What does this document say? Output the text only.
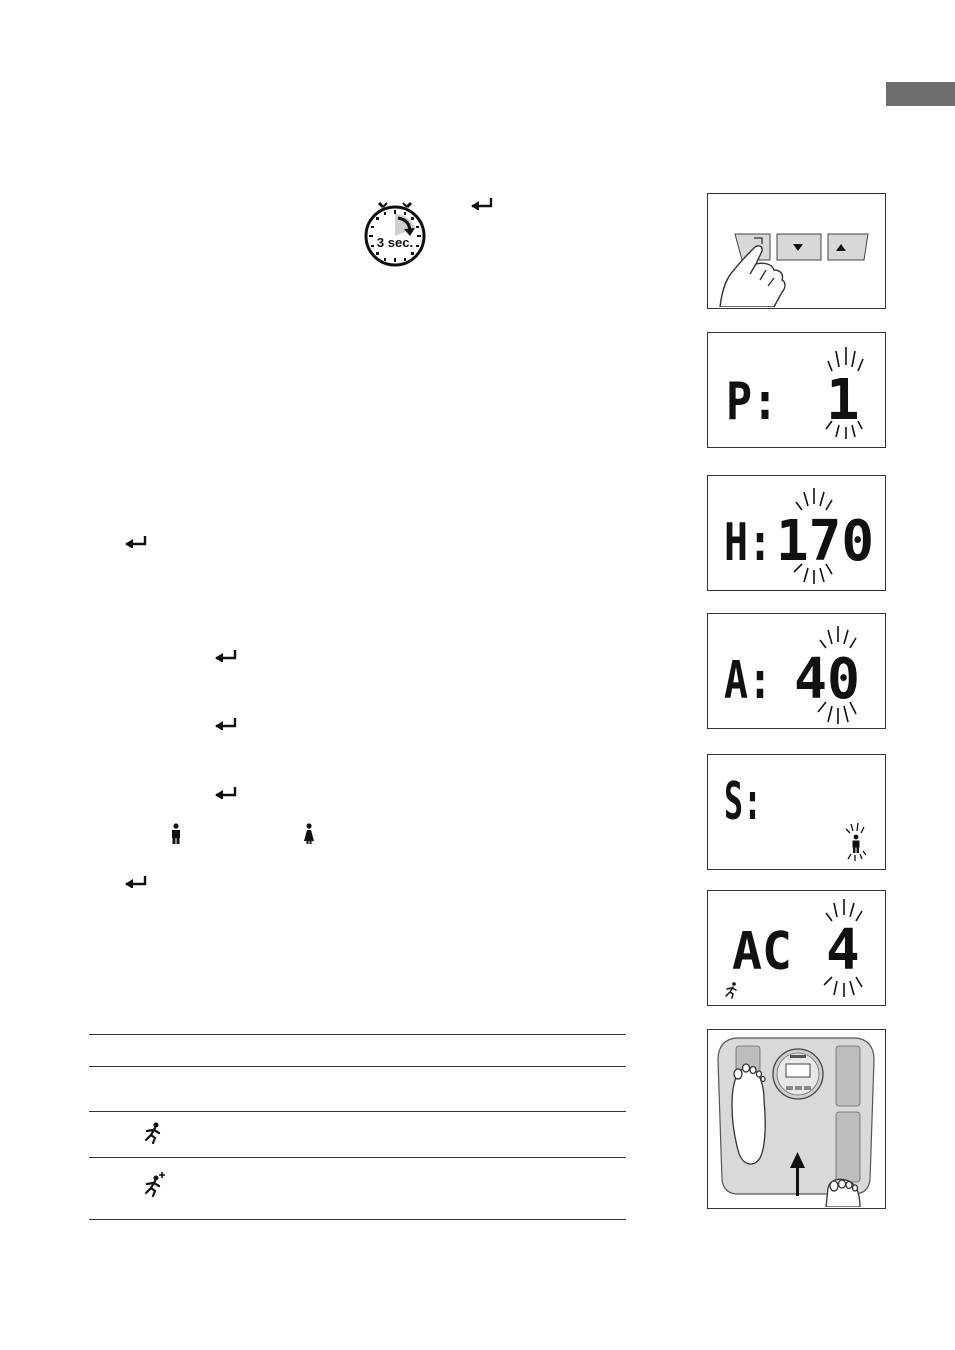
3 sec.
P: 1
H: 170
A: 40
S:
AC 4
